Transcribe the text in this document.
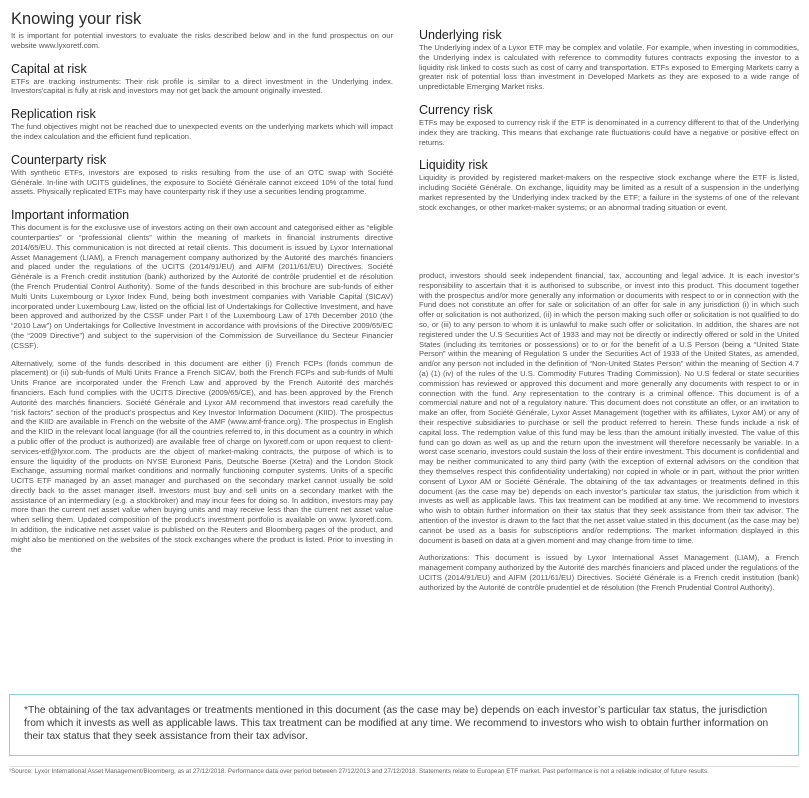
Knowing your risk

It is important for potential investors to evaluate the risks described below and in the fund prospectus on our website www.lyxoretf.com.

Capital at risk

ETFs are tracking instruments: Their risk profile is similar to a direct investment in the Underlying index. Investors'capital is fully at risk and investors may not get back the amount originally invested.

Replication risk

The fund objectives might not be reached due to unexpected events on the underlying markets which will impact the index calculation and the efficient fund replication.

Counterparty risk

With synthetic ETFs, investors are exposed to risks resulting from the use of an OTC swap with Société Générale. In-line with UCITS guidelines, the exposure to Société Générale cannot exceed 10% of the total fund assets. Physically replicated ETFs may have counterparty risk if they use a securities lending programme.

Important information

This document is for the exclusive use of investors acting on their own account and categorised either as “eligible counterparties” or “professional clients” within the meaning of markets in financial instruments directive 2014/65/EU. This communication is not directed at retail clients. This document is issued by Lyxor International Asset Management (LIAM), a French management company authorized by the Autorité des marchés financiers and placed under the regulations of the UCITS (2014/91/EU) and AIFM (2011/61/EU) Directives. Société Générale is a French credit institution (bank) authorized by the Autorité de contrôle prudentiel et de résolution (the French Prudential Control Authority). Some of the funds described in this brochure are sub-funds of either Multi Units Luxembourg or Lyxor Index Fund, being both investment companies with Variable Capital (SICAV) incorporated under Luxembourg Law, listed on the official list of Undertakings for Collective Investment, and have been approved and authorized by the CSSF under Part I of the Luxembourg Law of 17th December 2010 (the “2010 Law”) on Undertakings for Collective Investment in accordance with provisions of the Directive 2009/65/EC (the “2009 Directive”) and subject to the supervision of the Commission de Surveillance du Secteur Financier (CSSF).

Alternatively, some of the funds described in this document are either (i) French FCPs (fonds commun de placement) or (ii) sub-funds of Multi Units France a French SICAV, both the French FCPs and sub-funds of Multi Units France are incorporated under the French Law and approved by the French Autorité des marchés financiers. Each fund complies with the UCITS Directive (2009/65/CE), and has been approved by the French Autorité des marchés financiers. Société Générale and Lyxor AM recommend that investors read carefully the “risk factors” section of the product’s prospectus and Key Investor Information Document (KIID). The prospectus and the KIID are available in French on the website of the AMF (www.amf-france.org). The prospectus in English and the KIID in the relevant local language (for all the countries referred to, in this document as a country in which a public offer of the product is authorized) are available free of charge on lyxoretf.com or upon request to client-services-etf@lyxor.com. The products are the object of market-making contracts, the purpose of which is to ensure the liquidity of the products on NYSE Euronext Paris, Deutsche Boerse (Xetra) and the London Stock Exchange, assuming normal market conditions and normally functioning computer systems. Units of a specific UCITS ETF managed by an asset manager and purchased on the secondary market cannot usually be sold directly back to the asset manager itself. Investors must buy and sell units on a secondary market with the assistance of an intermediary (e.g. a stockbroker) and may incur fees for doing so. In addition, investors may pay more than the current net asset value when buying units and may receive less than the current net asset value when selling them. Updated composition of the product’s investment portfolio is available on www. lyxoretf.com. In addition, the indicative net asset value is published on the Reuters and Bloomberg pages of the product, and might also be mentioned on the websites of the stock exchanges where the product is listed. Prior to investing in the

Underlying risk

The Underlying index of a Lyxor ETF may be complex and volatile. For example, when investing in commodities, the Underlying index is calculated with reference to commodity futures contracts exposing the investor to a liquidity risk linked to costs such as cost of carry and transportation. ETFs exposed to Emerging Markets carry a greater risk of potential loss than investment in Developed Markets as they are exposed to a wide range of unpredictable Emerging Market risks.

Currency risk

ETFs may be exposed to currency risk if the ETF is denominated in a currency different to that of the Underlying index they are tracking. This means that exchange rate fluctuations could have a negative or positive effect on returns.

Liquidity risk

Liquidity is provided by registered market-makers on the respective stock exchange where the ETF is listed, including Société Générale. On exchange, liquidity may be limited as a result of a suspension in the underlying market represented by the Underlying index tracked by the ETF; a failure in the systems of one of the relevant stock exchanges, or other market-maker systems; or an abnormal trading situation or event.

product, investors should seek independent financial, tax, accounting and legal advice. It is each investor’s responsibility to ascertain that it is authorised to subscribe, or invest into this product. This document together with the prospectus and/or more generally any information or documents with respect to or in connection with the Fund does not constitute an offer for sale or solicitation of an offer for sale in any jurisdiction (i) in which such offer or solicitation is not authorized, (ii) in which the person making such offer or solicitation is not qualified to do so, or (iii) to any person to whom it is unlawful to make such offer or solicitation. In addition, the shares are not registered under the U.S Securities Act of 1933 and may not be directly or indirectly offered or sold in the United States (including its territories or possessions) or to or for the benefit of a U.S Person (being a “United State Person” within the meaning of Regulation S under the Securities Act of 1933 of the United States, as amended, and/or any person not included in the definition of “Non-United States Person” within the meaning of Section 4.7 (a) (1) (iv) of the rules of the U.S. Commodity Futures Trading Commission). No U.S federal or state securities commission has reviewed or approved this document and more generally any documents with respect to or in connection with the fund. Any representation to the contrary is a criminal offence. This document is of a commercial nature and not of a regulatory nature. This document does not constitute an offer, or an invitation to make an offer, from Société Générale, Lyxor Asset Management (together with its affiliates, Lyxor AM) or any of their respective subsidiaries to purchase or sell the product referred to herein. These funds include a risk of capital loss. The redemption value of this fund may be less than the amount initially invested. The value of this fund can go down as well as up and the return upon the investment will therefore necessarily be variable. In a worst case scenario, investors could sustain the loss of their entire investment. This document is confidential and may be neither communicated to any third party (with the exception of external advisors on the condition that they themselves respect this confidentiality undertaking) nor copied in whole or in part, without the prior written consent of Lyxor AM or Société Générale. The obtaining of the tax advantages or treatments defined in this document (as the case may be) depends on each investor’s particular tax status, the jurisdiction from which it invests as well as applicable laws. This tax treatment can be modified at any time. We recommend to investors who wish to obtain further information on their tax status that they seek assistance from their tax advisor. The attention of the investor is drawn to the fact that the net asset value stated in this document (as the case may be) cannot be used as a basis for subscriptions and/or redemptions. The market information displayed in this document is based on data at a given moment and may change from time to time.

Authorizations: This document is issued by Lyxor International Asset Management (LIAM), a French management company authorized by the Autorité des marchés financiers and placed under the regulations of the UCITS (2014/91/EU) and AIFM (2011/61/EU) Directives. Société Générale is a French credit institution (bank) authorized by the Autorité de contrôle prudentiel et de résolution (the French Prudential Control Authority).

*The obtaining of the tax advantages or treatments mentioned in this document (as the case may be) depends on each investor’s particular tax status, the jurisdiction from which it invests as well as applicable laws. This tax treatment can be modified at any time. We recommend to investors who wish to obtain further information on their tax status that they seek assistance from their tax advisor.
¹Source: Lyxor International Asset Management/Bloomberg, as at 27/12/2018. Performance data over period between 27/12/2013 and 27/12/2018. Statements relate to European ETF market. Past performance is not a reliable indicator of future results.
